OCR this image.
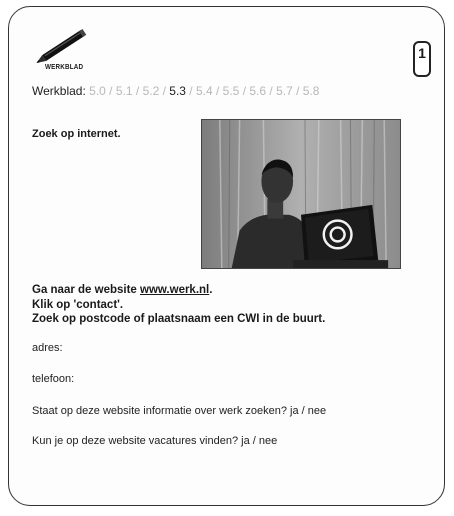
WERKBLAD
1
Werkblad: 5.0 / 5.1 / 5.2 / 5.3 / 5.4 / 5.5 / 5.6 / 5.7 / 5.8
Zoek op internet.
Ga naar de website www.werk.nl.
Klik op 'contact'.
Zoek op postcode of plaatsnaam een CWI in de buurt.
adres:
telefoon:
Staat op deze website informatie over werk zoeken? ja / nee
Kun je op deze website vacatures vinden? ja / nee
